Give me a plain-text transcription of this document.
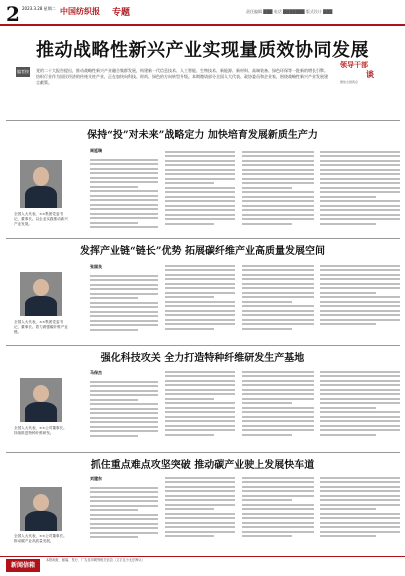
2 2023.3.28 星期二 中国纺织报 专题	责任编辑 ███ 电话 ███████ 版式设计 ███
推动战略性新兴产业实现量质效协同发展
编者按 党的二十大报告提出，推动战略性新兴产业融合集群发展，构建新一代信息技术、人工智能、生物技术、新能源、新材料、高端装备、绿色环保等一批新的增长引擎。纺织行业作为国民经济的传统支柱产业，正在加快向科技、时尚、绿色的方向转型升级。本期邀请部分全国人大代表、政协委员和企业家，围绕战略性新兴产业发展建言献策。
领导干部
谈
聚焦全国两会
保持“投”对未来”战略定力 加快培育发展新质生产力
全国人大代表、××集团党委书记、董事长。以企业实践推动新兴产业发展。
周延瑞
发挥产业链“链长”优势 拓展碳纤维产业高质量发展空间
全国人大代表、××集团党委书记、董事长。着力做强碳纤维产业链。
张国良
强化科技攻关 全力打造特种纤维研发生产基地
全国人大代表、××公司董事长。持续推进特种纤维研发。
马保杰
抓住重点难点攻坚突破 推动碳产业驶上发展快车道
全国人大代表、××公司董事长。推动碳产业高质量发展。
刘建东
新闻信箱
本报地址、邮编、发行、广告及印刷等相关信息（文字过小无法辨认）
